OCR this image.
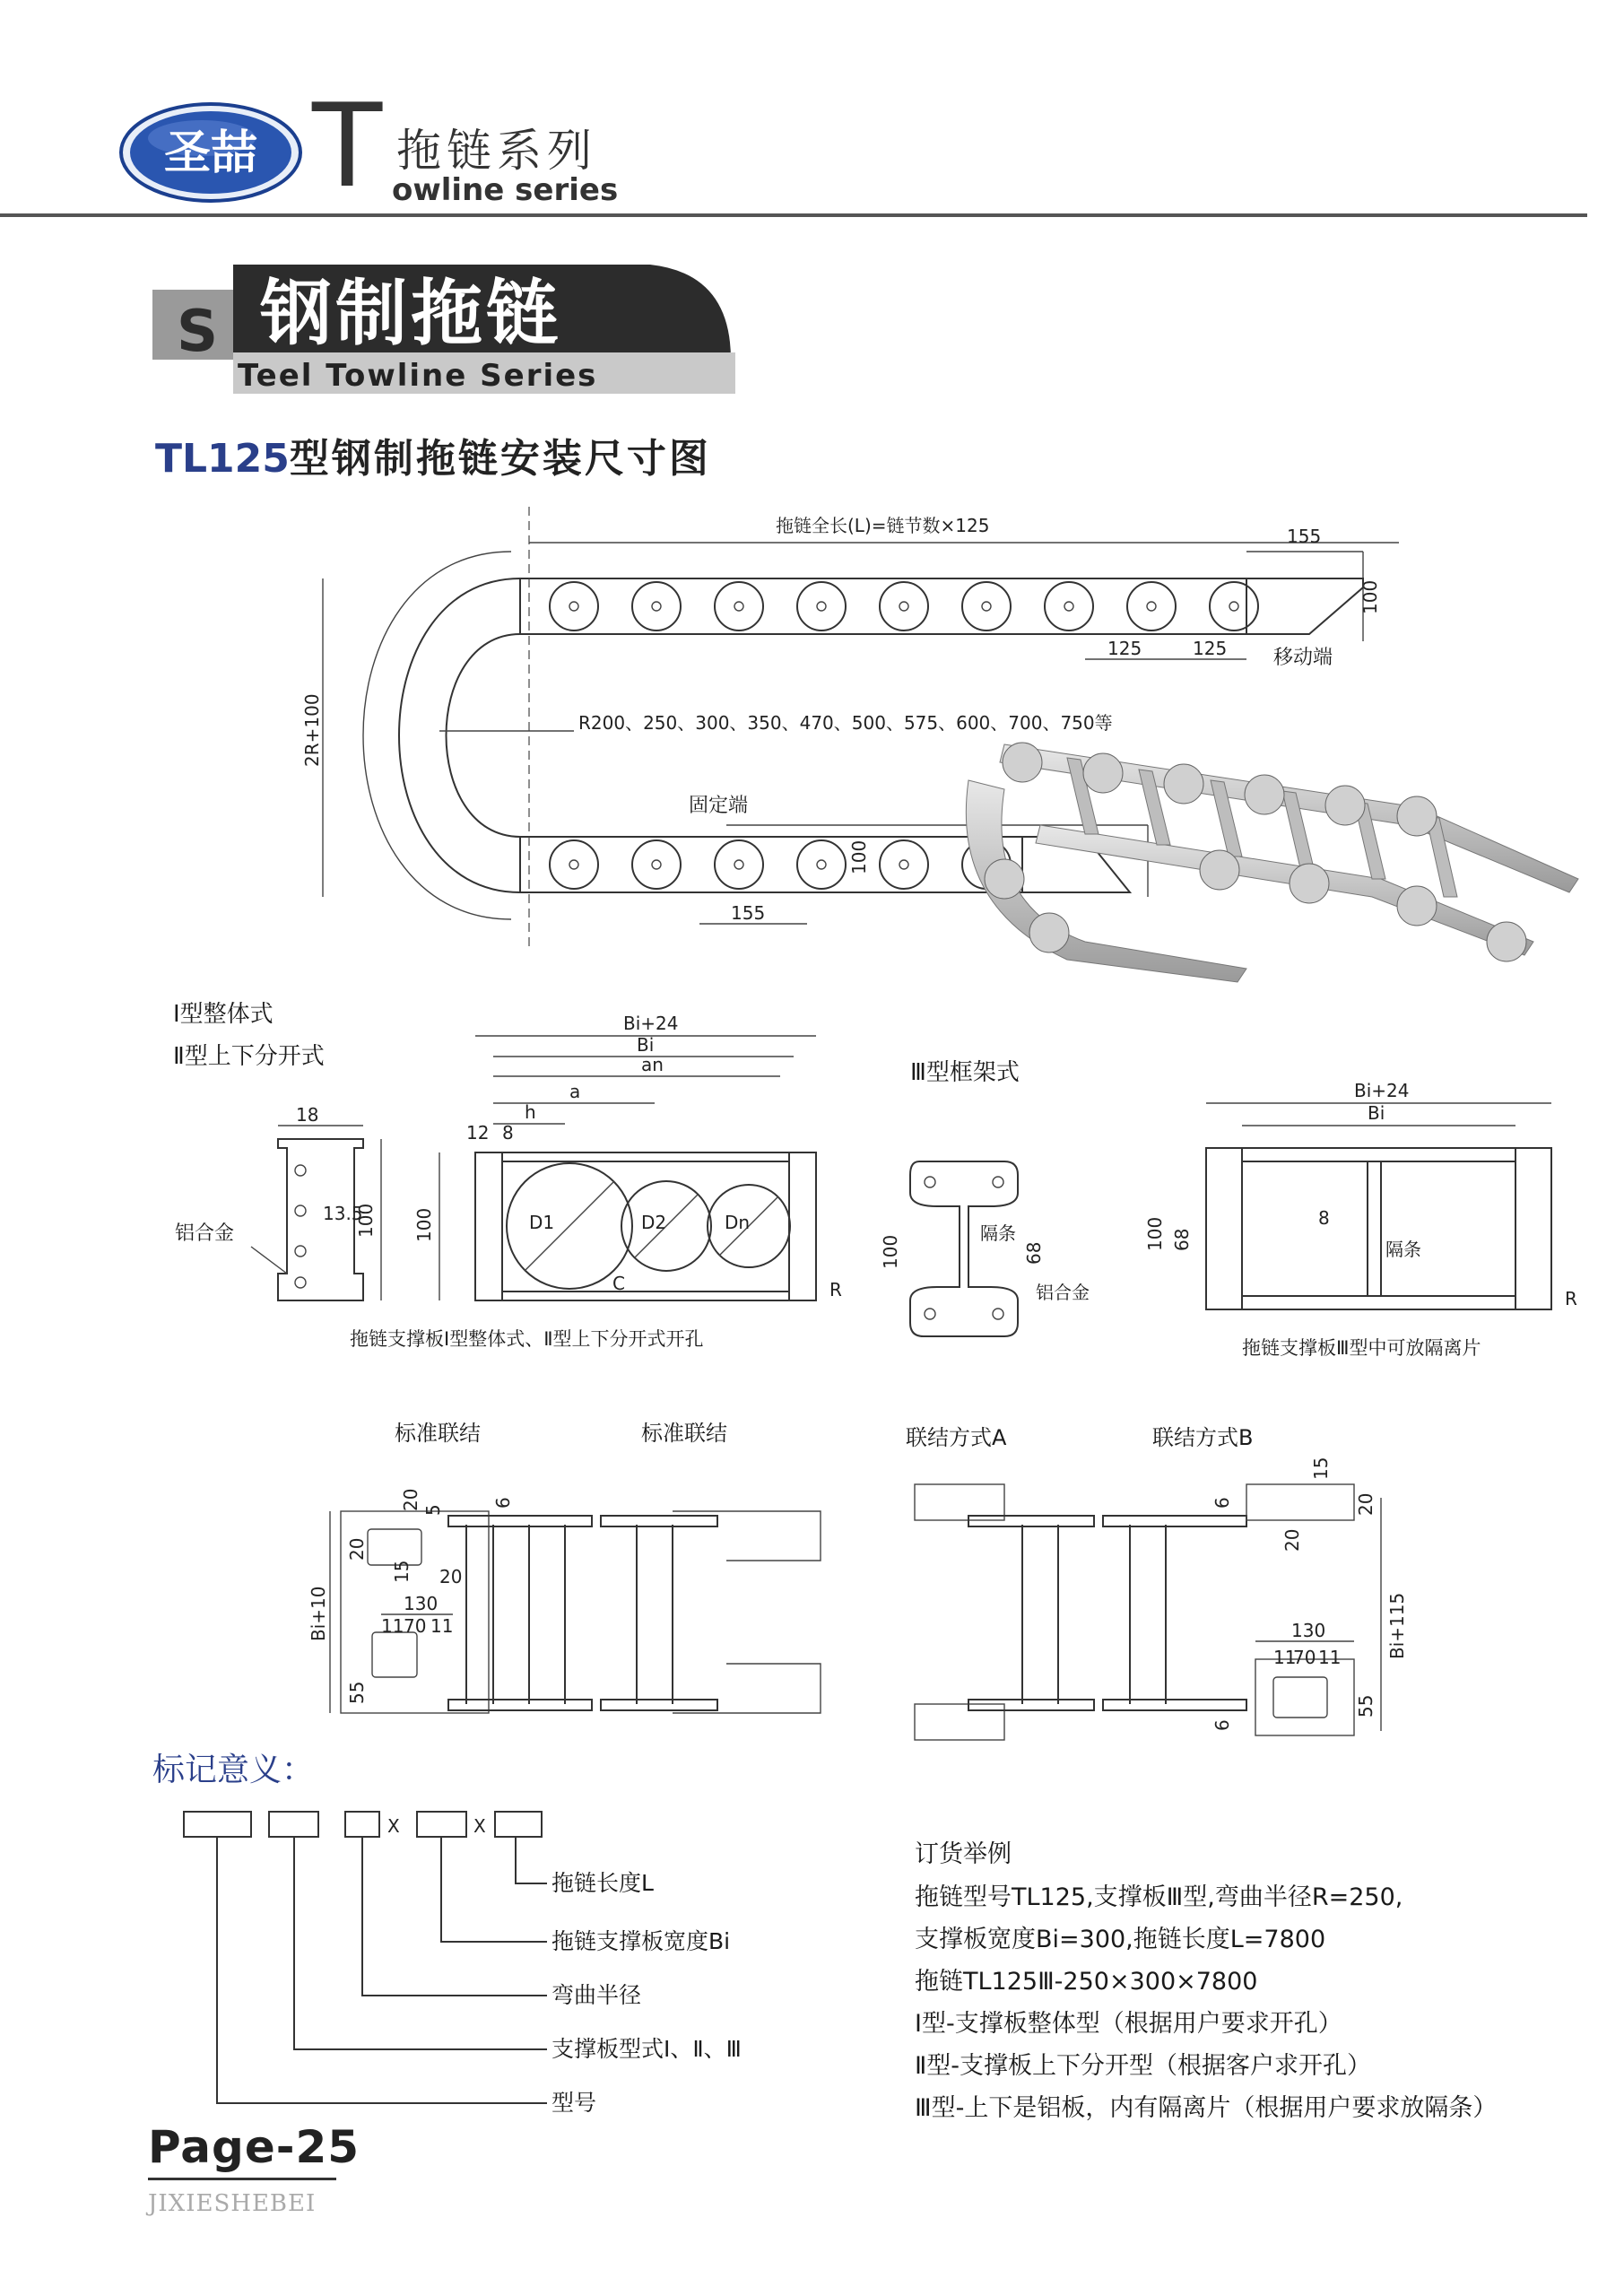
圣喆 T 拖链系列
owline series
S 钢制拖链
Teel Towline Series
TL125型钢制拖链安装尺寸图
拖链全长(L)=链节数×125	155
100
2R+100	R200、250、300、350、470、500、575、600、700、750等
125	125 移动端
固定端
100
155
Ⅰ型整体式
Ⅱ型上下分开式
Ⅲ型框架式
18
13.5
100
铝合金
Bi+24
Bi
an
a
h
12 8
D1	D2	Dn
C	R
100
拖链支撑板Ⅰ型整体式、Ⅱ型上下分开式开孔
100
隔条
68
铝合金
Bi+24
Bi
100 68
8
隔条
R
拖链支撑板Ⅲ型中可放隔离片
标准联结	标准联结	联结方式A	联结方式B
20 5
6
20
15 20
Bi+10	130
11 70 11
55
15
6
20
20
Bi+115
130
11
70 11
6
55
标记意义：
X	X
拖链长度L
拖链支撑板宽度Bi
弯曲半径
支撑板型式Ⅰ、Ⅱ、Ⅲ
型号
订货举例
拖链型号TL125,支撑板Ⅲ型,弯曲半径R=250,
支撑板宽度Bi=300,拖链长度L=7800
拖链TL125Ⅲ-250×300×7800
Ⅰ型-支撑板整体型（根据用户要求开孔）
Ⅱ型-支撑板上下分开型（根据客户求开孔）
Ⅲ型-上下是铝板，内有隔离片（根据用户要求放隔条）
Page-25
JIXIESHEBEI
